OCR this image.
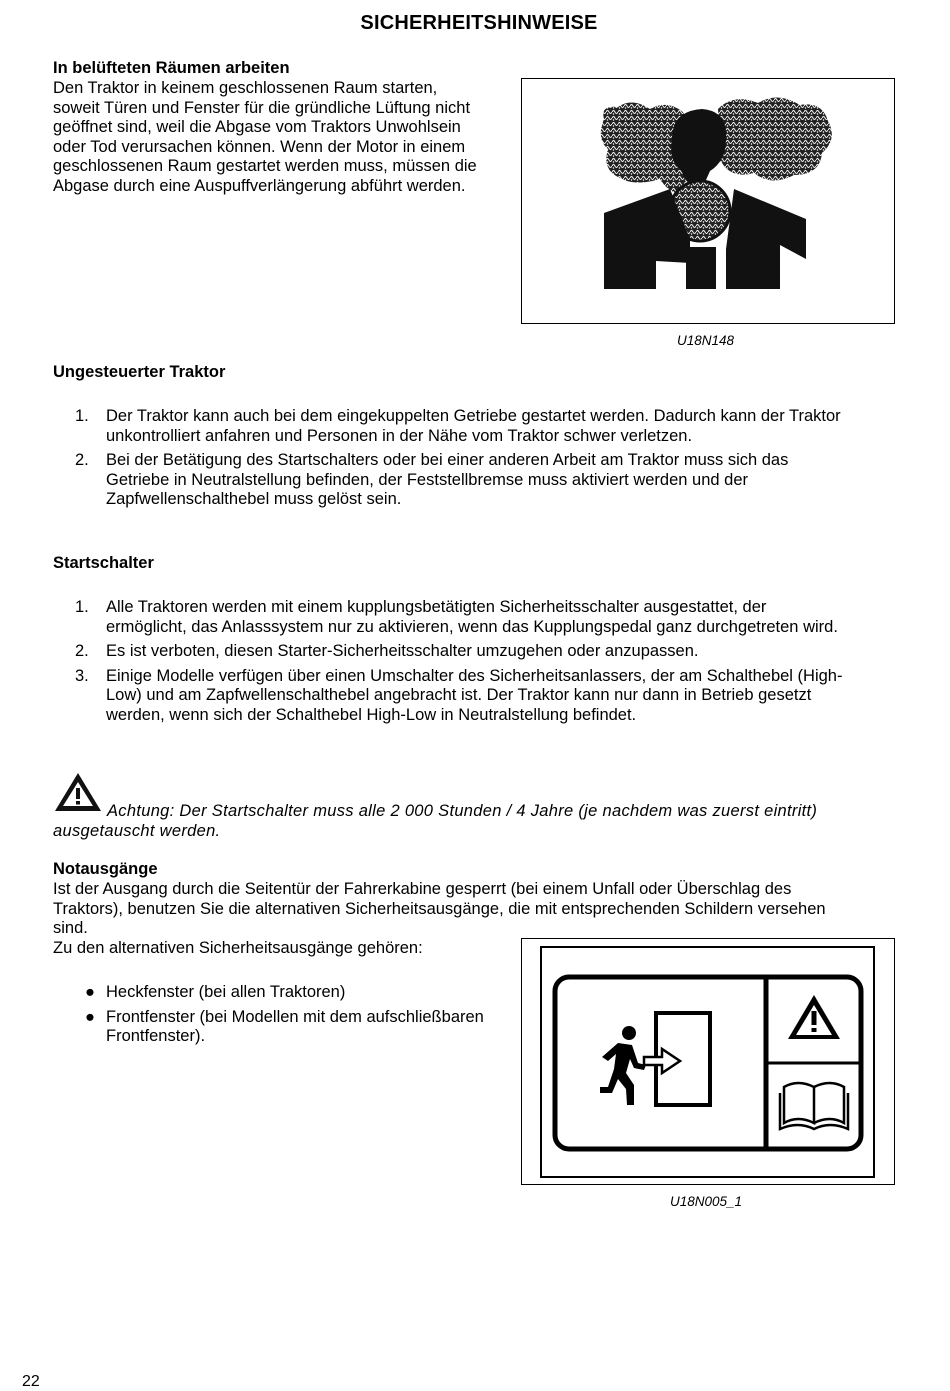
SICHERHEITSHINWEISE
In belüfteten Räumen arbeiten
Den Traktor in keinem geschlossenen Raum starten,
soweit Türen und Fenster für die gründliche Lüftung nicht
geöffnet sind, weil die Abgase vom Traktors Unwohlsein
oder Tod verursachen können. Wenn der Motor in einem
geschlossenen Raum gestartet werden muss, müssen die
Abgase durch eine Auspuffverlängerung abführt werden.
U18N148
Ungesteuerter Traktor
1. Der Traktor kann auch bei dem eingekuppelten Getriebe gestartet werden. Dadurch kann der Traktor
unkontrolliert anfahren und Personen in der Nähe vom Traktor schwer verletzen.
2. Bei der Betätigung des Startschalters oder bei einer anderen Arbeit am Traktor muss sich das
Getriebe in Neutralstellung befinden, der Feststellbremse muss aktiviert werden und der
Zapfwellenschalthebel muss gelöst sein.
Startschalter
1. Alle Traktoren werden mit einem kupplungsbetätigten Sicherheitsschalter ausgestattet, der
ermöglicht, das Anlasssystem nur zu aktivieren, wenn das Kupplungspedal ganz durchgetreten wird.
2. Es ist verboten, diesen Starter-Sicherheitsschalter umzugehen oder anzupassen.
3. Einige Modelle verfügen über einen Umschalter des Sicherheitsanlassers, der am Schalthebel (High-
Low) und am Zapfwellenschalthebel angebracht ist. Der Traktor kann nur dann in Betrieb gesetzt
werden, wenn sich der Schalthebel High-Low in Neutralstellung befindet.
Achtung: Der Startschalter muss alle 2 000 Stunden / 4 Jahre (je nachdem was zuerst eintritt)
ausgetauscht werden.
Notausgänge
Ist der Ausgang durch die Seitentür der Fahrerkabine gesperrt (bei einem Unfall oder Überschlag des
Traktors), benutzen Sie die alternativen Sicherheitsausgänge, die mit entsprechenden Schildern versehen
sind.
Zu den alternativen Sicherheitsausgänge gehören:
● Heckfenster (bei allen Traktoren)
● Frontfenster (bei Modellen mit dem aufschließbaren
Frontfenster).
U18N005_1
22
